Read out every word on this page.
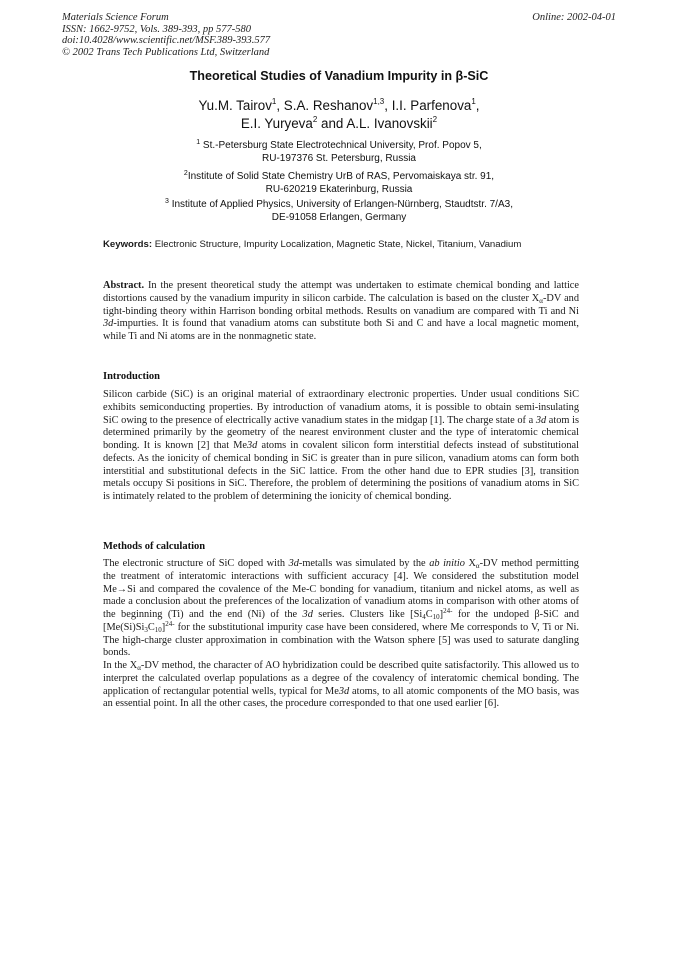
Materials Science Forum
ISSN: 1662-9752, Vols. 389-393, pp 577-580
doi:10.4028/www.scientific.net/MSF.389-393.577
© 2002 Trans Tech Publications Ltd, Switzerland
Online: 2002-04-01
Theoretical Studies of Vanadium Impurity in β-SiC
Yu.M. Tairov$^1$, S.A. Reshanov$^{1,3}$, I.I. Parfenova$^1$,
E.I. Yuryeva$^2$ and A.L. Ivanovskii$^2$
$^1$ St.-Petersburg State Electrotechnical University, Prof. Popov 5,
RU-197376 St. Petersburg, Russia
$^2$Institute of Solid State Chemistry UrB of RAS, Pervomaiskaya str. 91,
RU-620219 Ekaterinburg, Russia
$^3$ Institute of Applied Physics, University of Erlangen-Nürnberg, Staudtstr. 7/A3,
DE-91058 Erlangen, Germany
Keywords: Electronic Structure, Impurity Localization, Magnetic State, Nickel, Titanium, Vanadium

Abstract. In the present theoretical study the attempt was undertaken to estimate chemical bonding and lattice distortions caused by the vanadium impurity in silicon carbide. The calculation is based on the cluster $X_\alpha-DV$ and tight-binding theory within Harrison bonding orbital methods. Results on vanadium are compared with Ti and Ni 3d-impurties. It is found that vanadium atoms can substitute both Si and C and have a local magnetic moment, while Ti and Ni atoms are in the nonmagnetic state.

Introduction

Silicon carbide (SiC) is an original material of extraordinary electronic properties. Under usual conditions SiC exhibits semiconducting properties. By introduction of vanadium atoms, it is possible to obtain semi-insulating SiC owing to the presence of electrically active vanadium states in the midgap [1]. The charge state of a 3d atom is determined primarily by the geometry of the nearest environment cluster and the type of interatomic chemical bonding. It is known [2] that Me3d atoms in covalent silicon form interstitial defects instead of substitutional defects. As the ionicity of chemical bonding in SiC is greater than in pure silicon, vanadium atoms can form both interstitial and substitutional defects in the SiC lattice. From the other hand due to EPR studies [3], transition metals occupy Si positions in SiC. Therefore, the problem of determining the positions of vanadium atoms in SiC is intimately related to the problem of determining the ionicity of chemical bonding.

Methods of calculation

The electronic structure of SiC doped with 3d-metalls was simulated by the ab initio $X_\alpha-DV$ method permitting the treatment of interatomic interactions with sufficient accuracy [4]. We considered the substitution model Me→Si and compared the covalence of the Me-C bonding for vanadium, titanium and nickel atoms, as well as made a conclusion about the preferences of the localization of vanadium atoms in comparison with other atoms of the beginning (Ti) and the end (Ni) of the 3d series. Clusters like $[Si_4C_{10}]^{24-}$ for the undoped β-SiC and $[Me(Si)Si_3C_{10}]^{24-}$ for the substitutional impurity case have been considered, where Me corresponds to V, Ti or Ni. The high-charge cluster approximation in combination with the Watson sphere [5] was used to saturate dangling bonds.

In the $X_\alpha-DV$ method, the character of AO hybridization could be described quite satisfactorily. This allowed us to interpret the calculated overlap populations as a degree of the covalency of interatomic chemical bonding. The application of rectangular potential wells, typical for Me3d atoms, to all atomic components of the MO basis, was an essential point. In all the other cases, the procedure corresponded to that one used earlier [6].
